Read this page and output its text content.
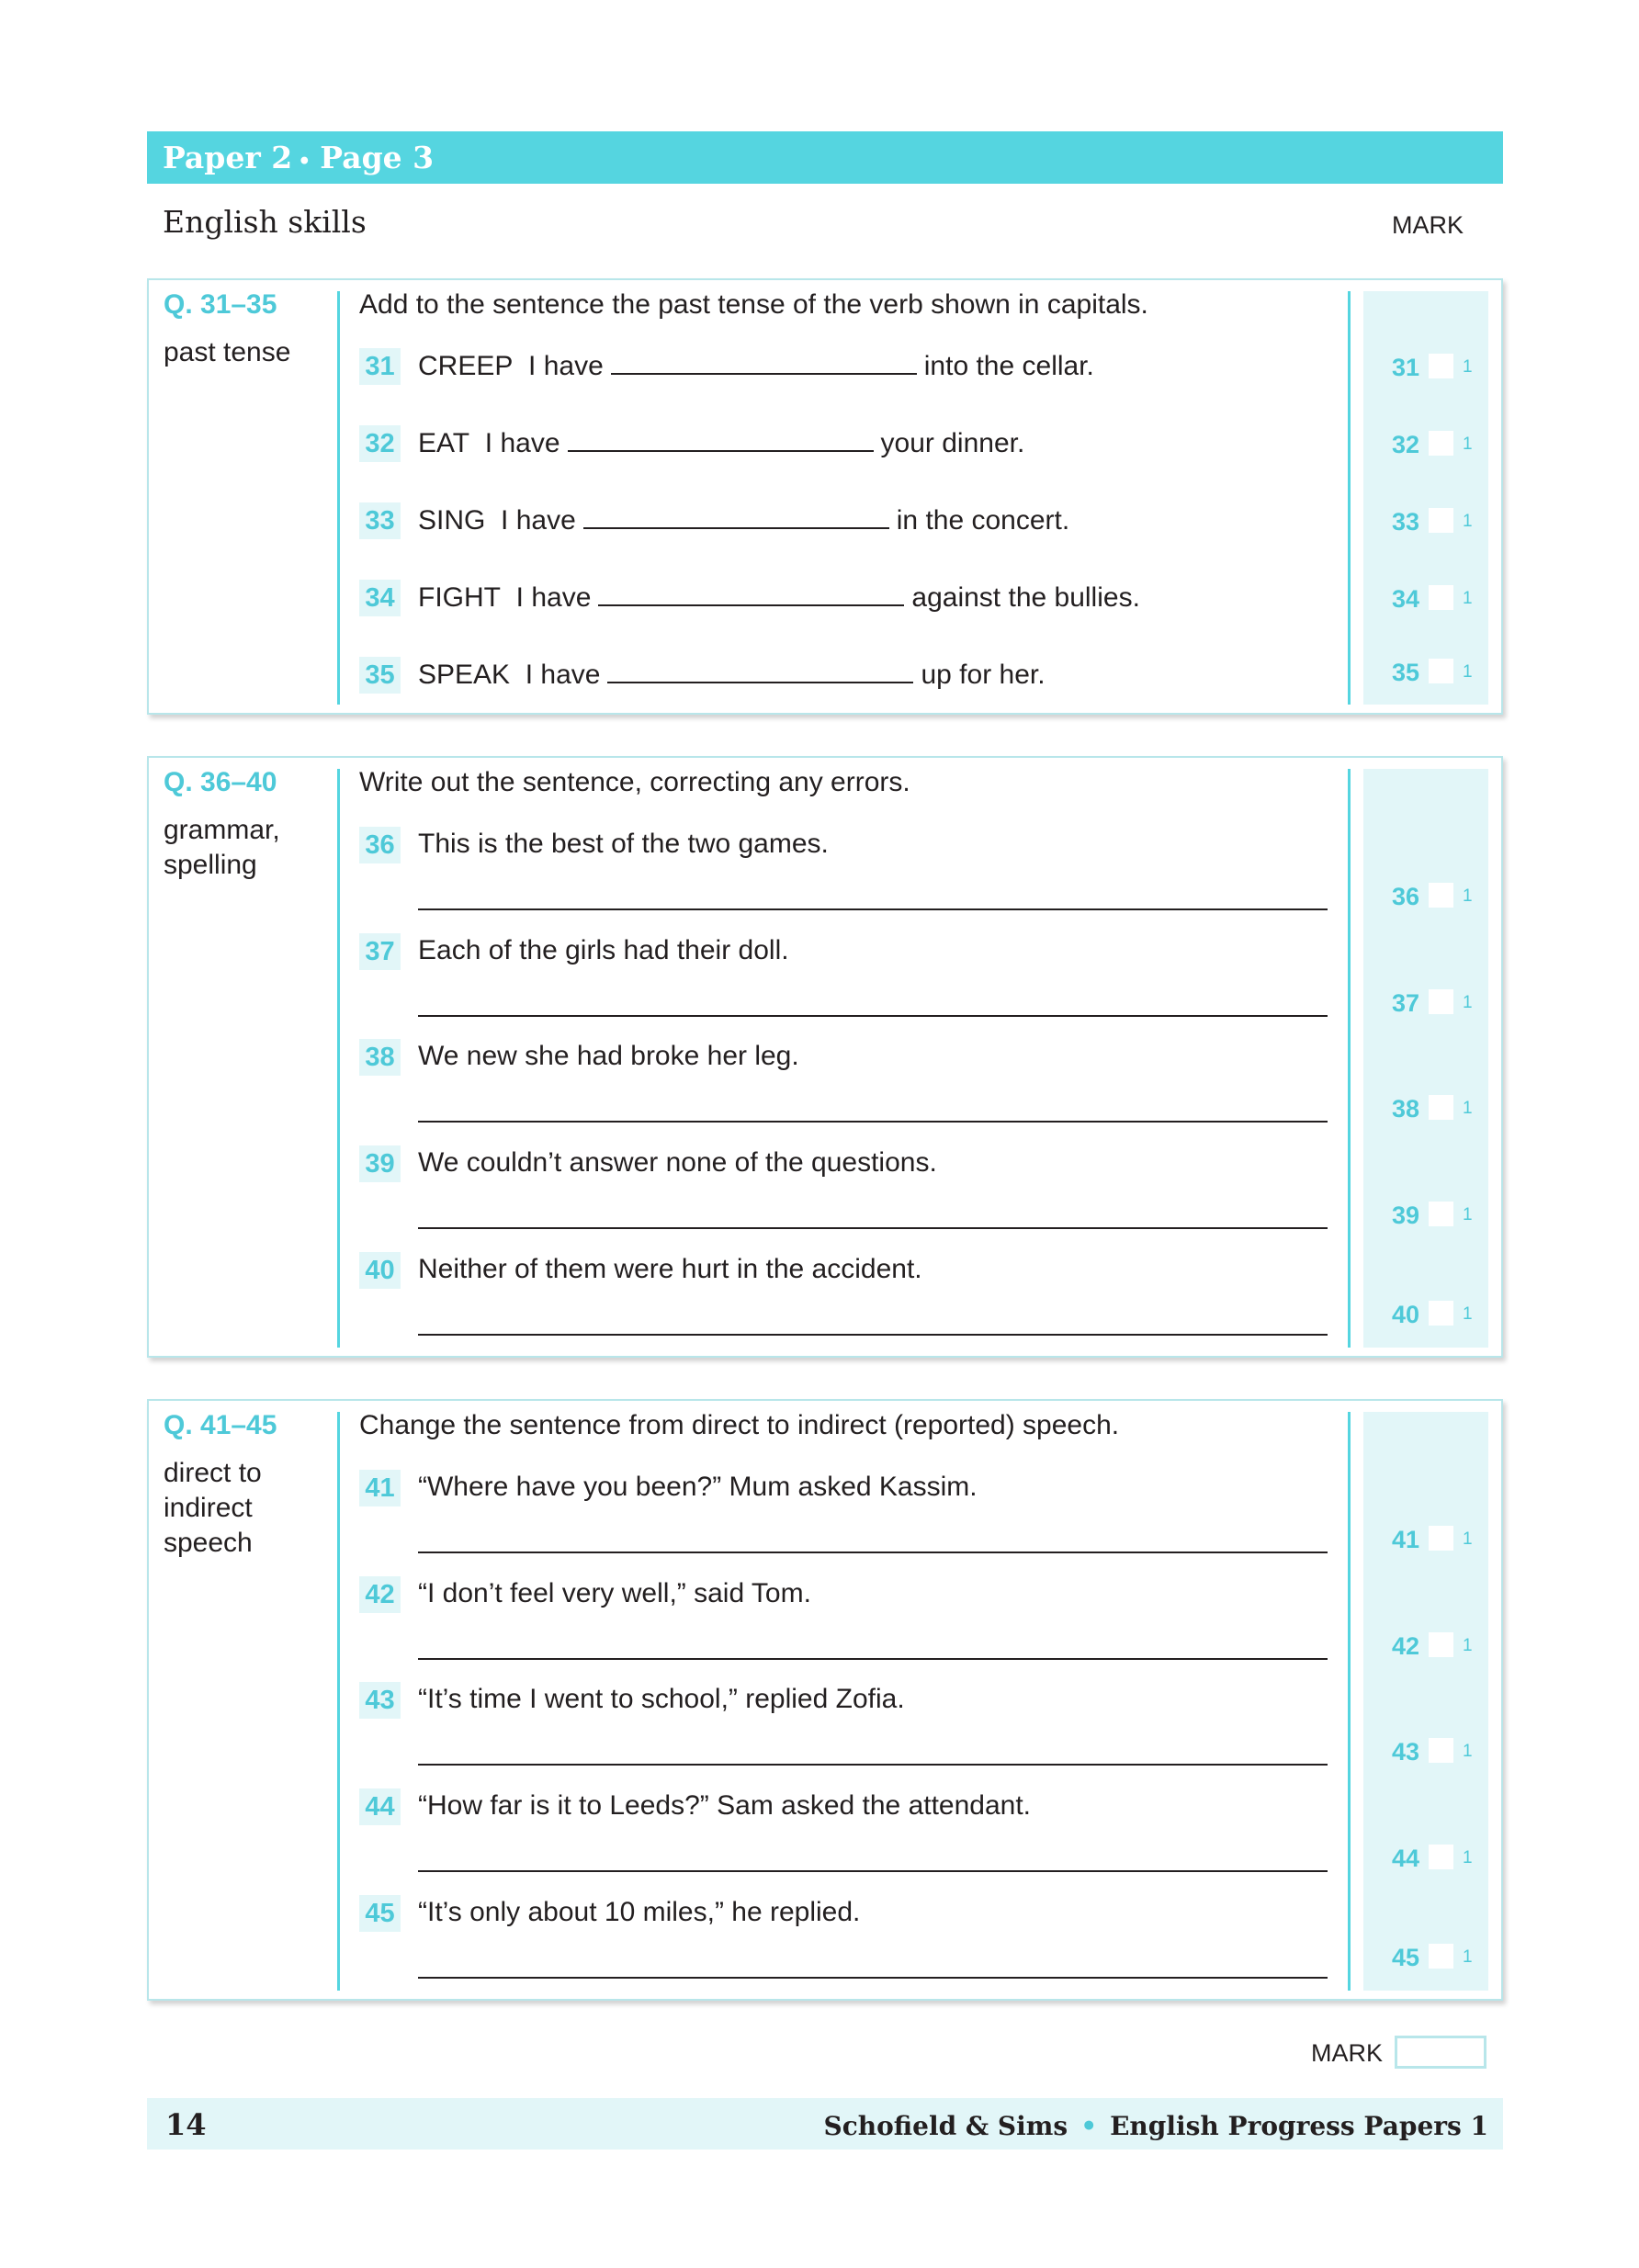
Paper 2 • Page 3
English skills	MARK
Q. 31–35
past tense
Add to the sentence the past tense of the verb shown in capitals.
31 CREEP I have	into the cellar.	31 1
32 EAT I have	your dinner.	32 1
33 SING I have	in the concert.	33 1
34 FIGHT I have	against the bullies.	34 1
35 SPEAK I have	up for her.	35 1
Q. 36–40
grammar,
spelling
Write out the sentence, correcting any errors.
36 This is the best of the two games.
36 1
37 Each of the girls had their doll.
37 1
38 We new she had broke her leg.
38 1
39 We couldn’t answer none of the questions.
39 1
40 Neither of them were hurt in the accident.
40 1
Q. 41–45
direct to
indirect
speech
Change the sentence from direct to indirect (reported) speech.
41 “Where have you been?” Mum asked Kassim.
41 1
42 “I don’t feel very well,” said Tom.
42 1
43 “It’s time I went to school,” replied Zofia.
43 1
44 “How far is it to Leeds?” Sam asked the attendant.
44 1
45 “It’s only about 10 miles,” he replied.
45 1
MARK
14	Schofield & Sims • English Progress Papers 1
